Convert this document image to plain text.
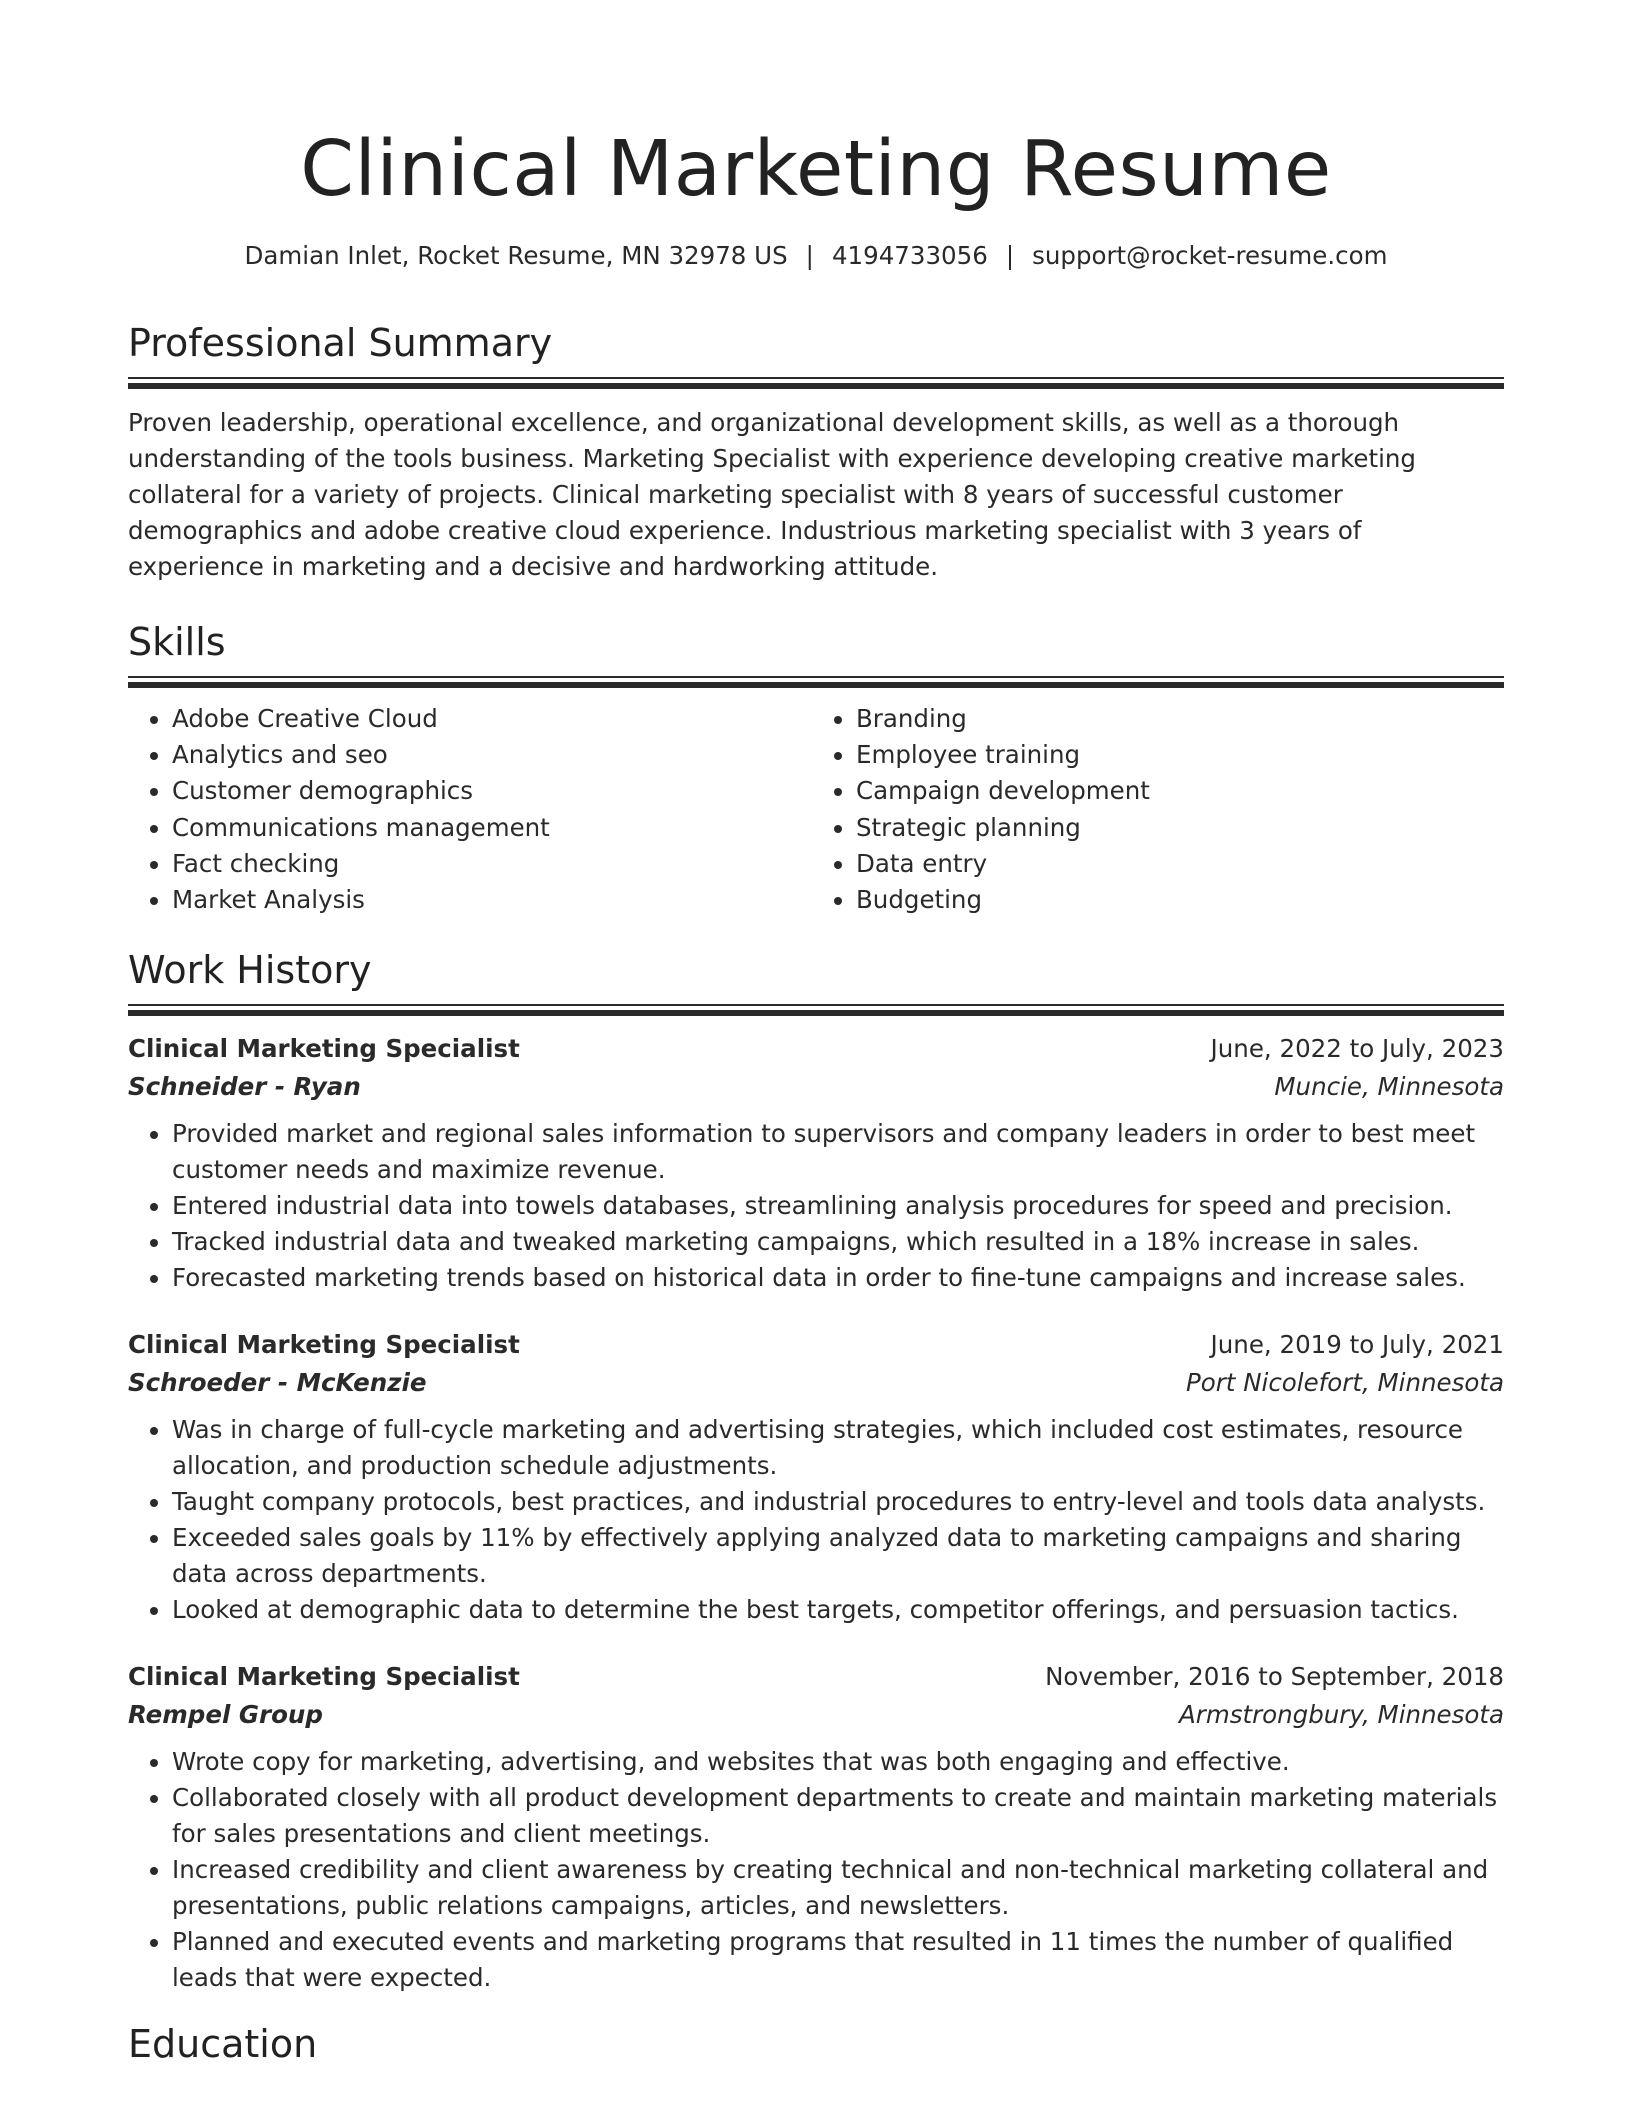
Clinical Marketing Resume
Damian Inlet, Rocket Resume, MN 32978 US | 4194733056 | support@rocket-resume.com
Professional Summary
Proven leadership, operational excellence, and organizational development skills, as well as a thorough understanding of the tools business. Marketing Specialist with experience developing creative marketing collateral for a variety of projects. Clinical marketing specialist with 8 years of successful customer demographics and adobe creative cloud experience. Industrious marketing specialist with 3 years of experience in marketing and a decisive and hardworking attitude.
Skills
• Adobe Creative Cloud
• Analytics and seo
• Customer demographics
• Communications management
• Fact checking
• Market Analysis
• Branding
• Employee training
• Campaign development
• Strategic planning
• Data entry
• Budgeting
Work History
Clinical Marketing Specialist	June, 2022 to July, 2023
Schneider - Ryan	Muncie, Minnesota
• Provided market and regional sales information to supervisors and company leaders in order to best meet customer needs and maximize revenue.
• Entered industrial data into towels databases, streamlining analysis procedures for speed and precision.
• Tracked industrial data and tweaked marketing campaigns, which resulted in a 18% increase in sales.
• Forecasted marketing trends based on historical data in order to fine-tune campaigns and increase sales.
Clinical Marketing Specialist	June, 2019 to July, 2021
Schroeder - McKenzie	Port Nicolefort, Minnesota
• Was in charge of full-cycle marketing and advertising strategies, which included cost estimates, resource allocation, and production schedule adjustments.
• Taught company protocols, best practices, and industrial procedures to entry-level and tools data analysts.
• Exceeded sales goals by 11% by effectively applying analyzed data to marketing campaigns and sharing data across departments.
• Looked at demographic data to determine the best targets, competitor offerings, and persuasion tactics.
Clinical Marketing Specialist	November, 2016 to September, 2018
Rempel Group	Armstrongbury, Minnesota
• Wrote copy for marketing, advertising, and websites that was both engaging and effective.
• Collaborated closely with all product development departments to create and maintain marketing materials for sales presentations and client meetings.
• Increased credibility and client awareness by creating technical and non-technical marketing collateral and presentations, public relations campaigns, articles, and newsletters.
• Planned and executed events and marketing programs that resulted in 11 times the number of qualified leads that were expected.
Education
